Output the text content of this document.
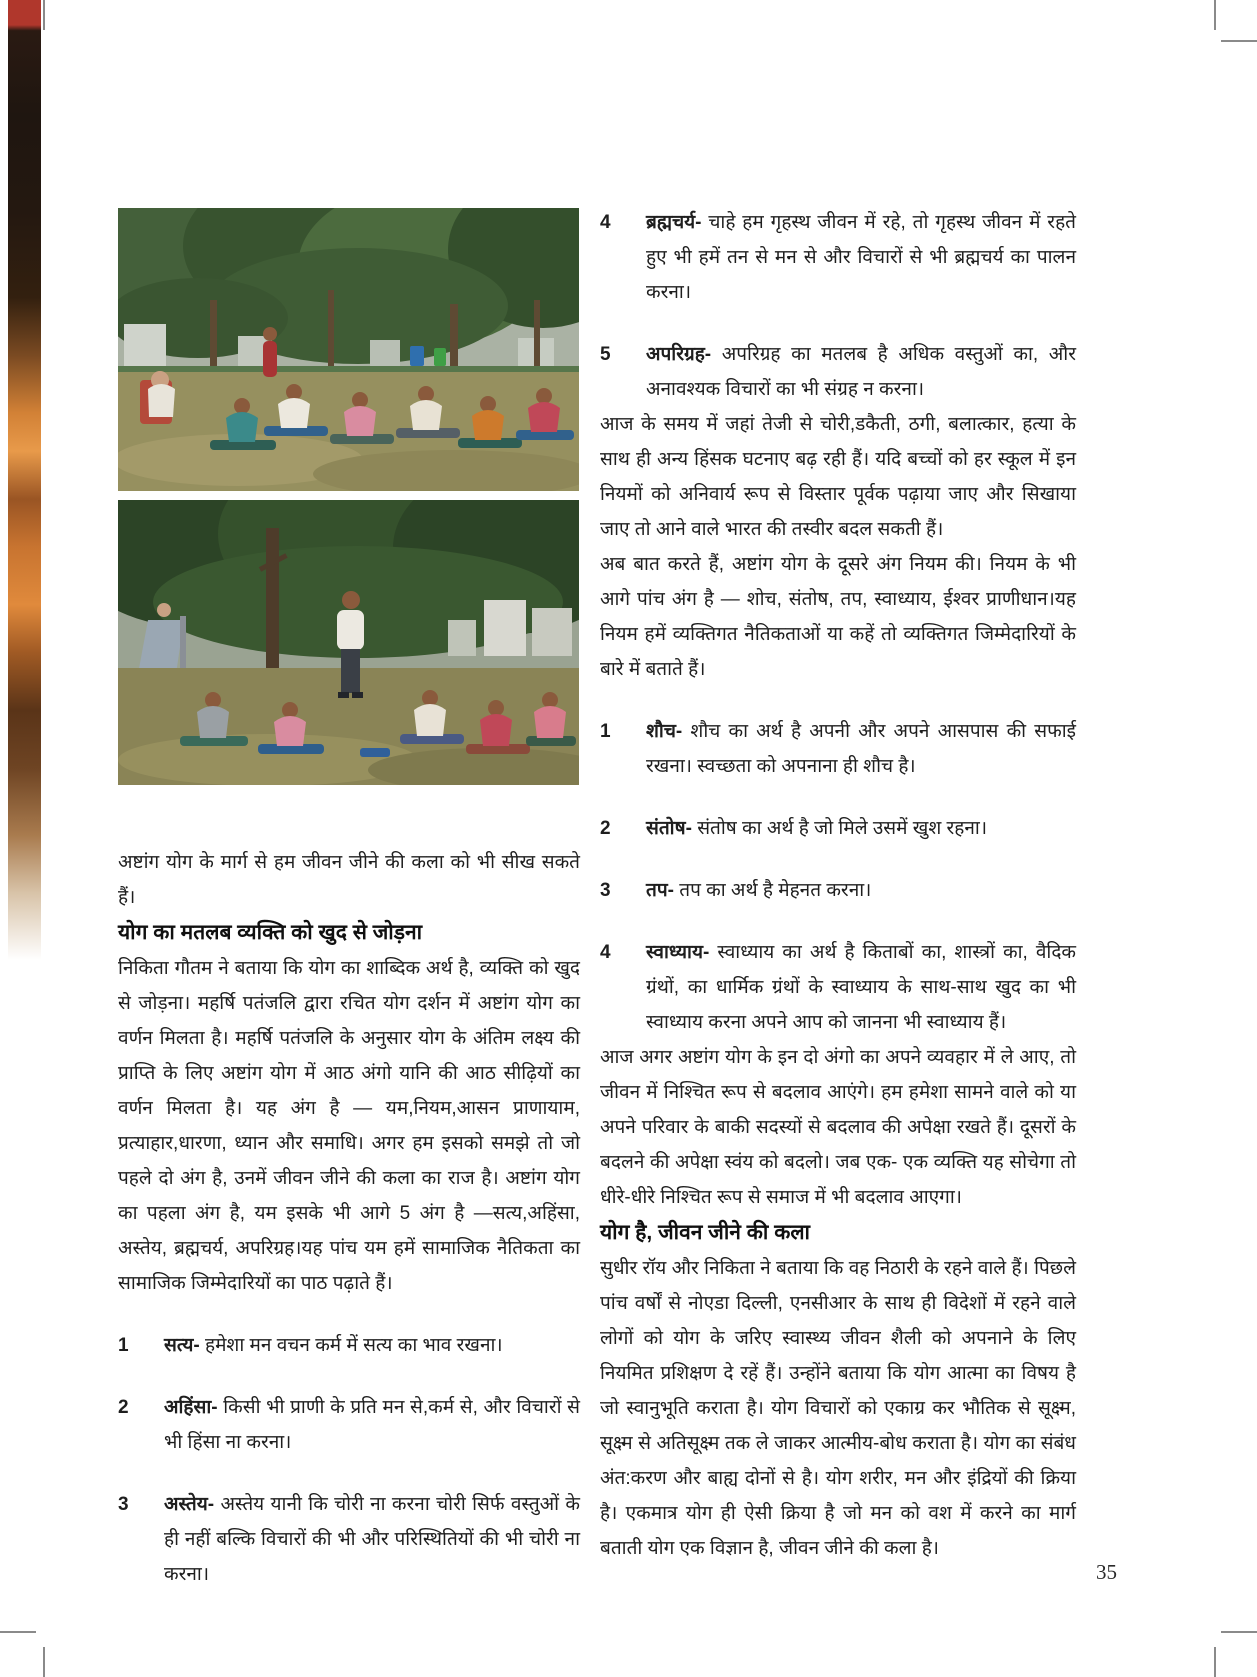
अष्टांग योग के मार्ग से हम जीवन जीने की कला को भी सीख सकते हैं।

योग का मतलब व्यक्ति को खुद से जोड़ना

निकिता गौतम ने बताया कि योग का शाब्दिक अर्थ है, व्यक्ति को खुद से जोड़ना। महर्षि पतंजलि द्वारा रचित योग दर्शन में अष्टांग योग का वर्णन मिलता है। महर्षि पतंजलि के अनुसार योग के अंतिम लक्ष्य की प्राप्ति के लिए अष्टांग योग में आठ अंगो यानि की आठ सीढ़ियों का वर्णन मिलता है। यह अंग है — यम,नियम,आसन प्राणायाम, प्रत्याहार,धारणा, ध्यान और समाधि। अगर हम इसको समझे तो जो पहले दो अंग है, उनमें जीवन जीने की कला का राज है। अष्टांग योग का पहला अंग है, यम इसके भी आगे 5 अंग है —सत्य,अहिंसा, अस्तेय, ब्रह्मचर्य, अपरिग्रह।यह पांच यम हमें सामाजिक नैतिकता का सामाजिक जिम्मेदारियों का पाठ पढ़ाते हैं।

1 सत्य- हमेशा मन वचन कर्म में सत्य का भाव रखना।
2 अहिंसा- किसी भी प्राणी के प्रति मन से,कर्म से, और विचारों से भी हिंसा ना करना।
3 अस्तेय- अस्तेय यानी कि चोरी ना करना चोरी सिर्फ वस्तुओं के ही नहीं बल्कि विचारों की भी और परिस्थितियों की भी चोरी ना करना।
4 ब्रह्मचर्य- चाहे हम गृहस्थ जीवन में रहे, तो गृहस्थ जीवन में रहते हुए भी हमें तन से मन से और विचारों से भी ब्रह्मचर्य का पालन करना।
5 अपरिग्रह- अपरिग्रह का मतलब है अधिक वस्तुओं का, और अनावश्यक विचारों का भी संग्रह न करना।

आज के समय में जहां तेजी से चोरी,डकैती, ठगी, बलात्कार, हत्या के साथ ही अन्य हिंसक घटनाए बढ़ रही हैं। यदि बच्चों को हर स्कूल में इन नियमों को अनिवार्य रूप से विस्तार पूर्वक पढ़ाया जाए और सिखाया जाए तो आने वाले भारत की तस्वीर बदल सकती हैं।

अब बात करते हैं, अष्टांग योग के दूसरे अंग नियम की। नियम के भी आगे पांच अंग है — शोच, संतोष, तप, स्वाध्याय, ईश्वर प्राणीधान।यह नियम हमें व्यक्तिगत नैतिकताओं या कहें तो व्यक्तिगत जिम्मेदारियों के बारे में बताते हैं।

1 शौच- शौच का अर्थ है अपनी और अपने आसपास की सफाई रखना। स्वच्छता को अपनाना ही शौच है।
2 संतोष- संतोष का अर्थ है जो मिले उसमें खुश रहना।
3 तप- तप का अर्थ है मेहनत करना।
4 स्वाध्याय- स्वाध्याय का अर्थ है किताबों का, शास्त्रों का, वैदिक ग्रंथों, का धार्मिक ग्रंथों के स्वाध्याय के साथ-साथ खुद का भी स्वाध्याय करना अपने आप को जानना भी स्वाध्याय हैं।

आज अगर अष्टांग योग के इन दो अंगो का अपने व्यवहार में ले आए, तो जीवन में निश्चित रूप से बदलाव आएंगे। हम हमेशा सामने वाले को या अपने परिवार के बाकी सदस्यों से बदलाव की अपेक्षा रखते हैं। दूसरों के बदलने की अपेक्षा स्वंय को बदलो। जब एक- एक व्यक्ति यह सोचेगा तो धीरे-धीरे निश्चित रूप से समाज में भी बदलाव आएगा।

योग है, जीवन जीने की कला

सुधीर रॉय और निकिता ने बताया कि वह निठारी के रहने वाले हैं। पिछले पांच वर्षों से नोएडा दिल्ली, एनसीआर के साथ ही विदेशों में रहने वाले लोगों को योग के जरिए स्वास्थ्य जीवन शैली को अपनाने के लिए नियमित प्रशिक्षण दे रहें हैं। उन्होंने बताया कि योग आत्मा का विषय है जो स्वानुभूति कराता है। योग विचारों को एकाग्र कर भौतिक से सूक्ष्म, सूक्ष्म से अतिसूक्ष्म तक ले जाकर आत्मीय-बोध कराता है। योग का संबंध अंत:करण और बाह्य दोनों से है। योग शरीर, मन और इंद्रियों की क्रिया है। एकमात्र योग ही ऐसी क्रिया है जो मन को वश में करने का मार्ग बताती योग एक विज्ञान है, जीवन जीने की कला है।

35
